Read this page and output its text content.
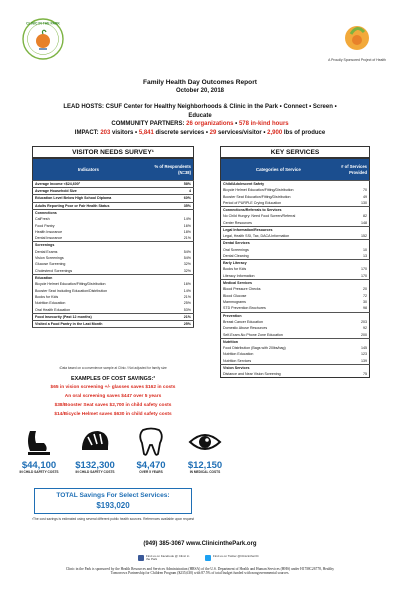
CLINIC IN THE PARK
A Proudly Sponsored Project of Health
Family Health Day Outcomes Report
October 20, 2018
LEAD HOSTS: CSUF Center for Healthy Neighborhoods & Clinic in the Park • Connect • Screen • Educate
COMMUNITY PARTNERS: 26 organizations • 578 in-kind hours
IMPACT: 203 visitors • 5,841 discrete services • 29 services/visitor • 2,900 lbs of produce
VISITOR NEEDS SURVEY¹
Indicators	% of Respondents (N=38)
Average Income <$24,600²	58%
Average Household Size	4
Education Level Below High School Diploma	60%
Adults Reporting Poor or Fair Health Status	35%
Connections	
CalFresh	14%
Food Pantry	16%
Health Insurance	18%
Dental Insurance	21%
Screenings	
Dental Exams	54%
Vision Screenings	54%
Glucose Screening	32%
Cholesterol Screenings	32%
Education	
Bicycle Helmet Education/Fitting/Distribution	16%
Booster Seat Including Education/Distribution	14%
Books for Kids	21%
Nutrition Education	25%
Oral Health Education	53%
Food Insecurity (Past 12 months)	21%
Visited a Food Pantry in the Last Month	25%
¹Data based on a convenience sample at Clinic / Not adjusted for family size
KEY SERVICES
Categories of Service	# of Services Provided
Child/Adolescent Safety	
Bicycle Helmet Education/Fitting/Distribution	70
Booster Seat Education/Fitting/Distribution	49
Period of PURPLE Crying Education	130
Connections/Referrals to Services	
No Child Hungry: Need Food Screen/Referral	82
Center Resources	148
Legal Information/Resources	
Legal, Health SSI, Tax, DACA Information	152
Dental Services	
Oral Screenings	10
Dental Cleaning	13
Early Literacy	
Books for Kids	170
Literacy Information	170
Medical Services	
Blood Pressure Checks	20
Blood Glucose	72
Mammograms	30
STD Prevention Brochures	98
Prevention	
Breast Cancer Education	203
Domestic Abuse Resources	92
Self-Exam-No Phone Zone Education	200
Nutrition	
Food Distribution (Bags with 20lbs/bag)	145
Nutrition Education	123
Nutrition Services	139
Vision Services	
Distance and Near Vision Screening	75
EXAMPLES OF COST SAVINGS:³
$65 in vision screening +/- glasses saves $162 in costs
An oral screening saves $447 over 5 years
$38/Booster Seat saves $2,700 in child safety costs
$14/Bicycle Helmet saves $630 in child safety costs
$44,100
IN CHILD SAFETY COSTS
$132,300
IN CHILD SAFETY COSTS
$4,470
OVER 5 YEARS
$12,150
IN MEDICAL COSTS
TOTAL Savings For Select Services:
$193,020
³The cost savings is estimated using several different public health sources. References available upon request
(949) 385-3067 www.ClinicinthePark.org
Find us on Facebook @ Clinic in the Park
Find us on Twitter @ClinicintheOC
Clinic in the Park is sponsored by the Health Resources and Services Administration (HRSA) of the U.S. Department of Health and Human Services (HHS) under H17MC26778, Healthy Tomorrows Partnership for Children Program ($235,630) with 87.5% of total budget funded with nongovernmental sources.
